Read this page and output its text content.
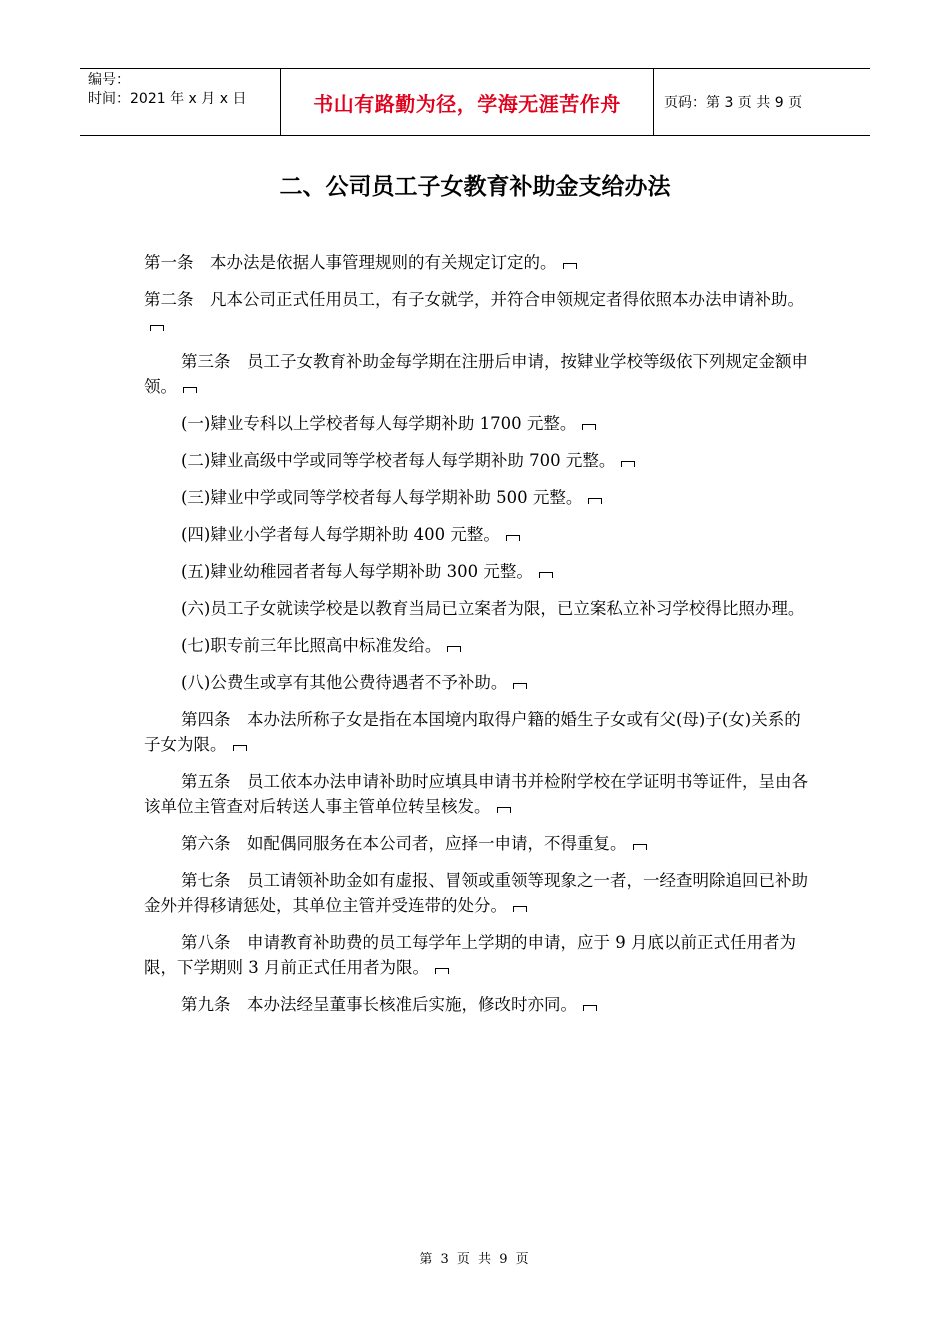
编号：
时间：2021 年 x 月 x 日	书山有路勤为径，学海无涯苦作舟	页码：第 3 页 共 9 页
二、公司员工子女教育补助金支给办法

第一条　本办法是依据人事管理规则的有关规定订定的。

第二条　凡本公司正式任用员工，有子女就学，并符合申领规定者得依照本办法申请补助。

第三条　员工子女教育补助金每学期在注册后申请，按肄业学校等级依下列规定金额申领。

(一)肄业专科以上学校者每人每学期补助 1700 元整。

(二)肄业高级中学或同等学校者每人每学期补助 700 元整。

(三)肄业中学或同等学校者每人每学期补助 500 元整。

(四)肄业小学者每人每学期补助 400 元整。

(五)肄业幼稚园者者每人每学期补助 300 元整。

(六)员工子女就读学校是以教育当局已立案者为限，已立案私立补习学校得比照办理。

(七)职专前三年比照高中标准发给。

(八)公费生或享有其他公费待遇者不予补助。

第四条　本办法所称子女是指在本国境内取得户籍的婚生子女或有父(母)子(女)关系的子女为限。

第五条　员工依本办法申请补助时应填具申请书并检附学校在学证明书等证件，呈由各该单位主管查对后转送人事主管单位转呈核发。

第六条　如配偶同服务在本公司者，应择一申请，不得重复。

第七条　员工请领补助金如有虚报、冒领或重领等现象之一者，一经查明除追回已补助金外并得移请惩处，其单位主管并受连带的处分。

第八条　申请教育补助费的员工每学年上学期的申请，应于 9 月底以前正式任用者为限，下学期则 3 月前正式任用者为限。

第九条　本办法经呈董事长核准后实施，修改时亦同。

第 3 页 共 9 页
